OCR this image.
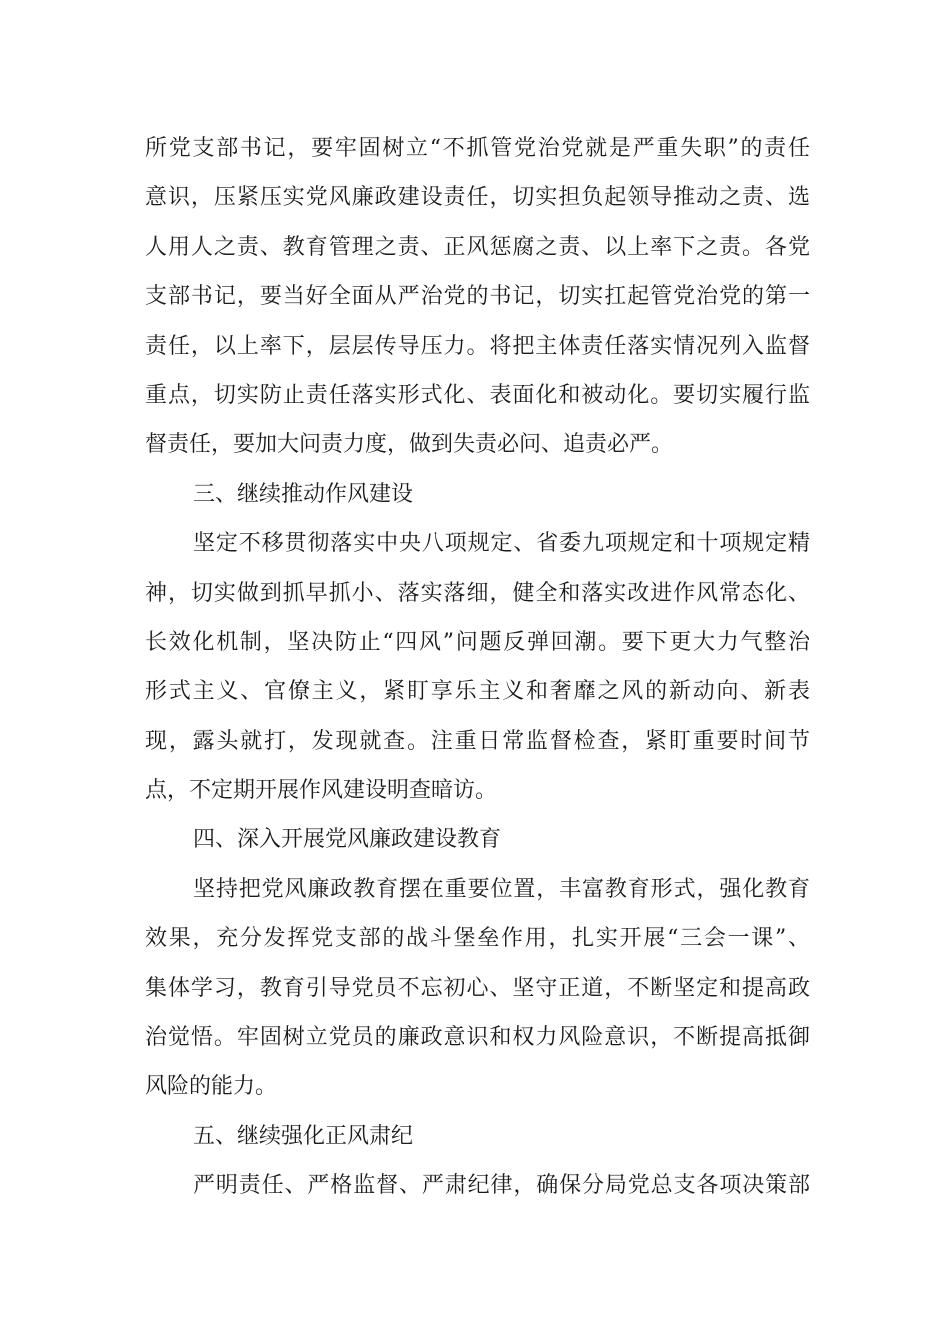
所党支部书记，要牢固树立“不抓管党治党就是严重失职”的责任
意识，压紧压实党风廉政建设责任，切实担负起领导推动之责、选
人用人之责、教育管理之责、正风惩腐之责、以上率下之责。各党
支部书记，要当好全面从严治党的书记，切实扛起管党治党的第一
责任，以上率下，层层传导压力。将把主体责任落实情况列入监督
重点，切实防止责任落实形式化、表面化和被动化。要切实履行监
督责任，要加大问责力度，做到失责必问、追责必严。
三、继续推动作风建设
坚定不移贯彻落实中央八项规定、省委九项规定和十项规定精
神，切实做到抓早抓小、落实落细，健全和落实改进作风常态化、
长效化机制，坚决防止“四风”问题反弹回潮。要下更大力气整治
形式主义、官僚主义，紧盯享乐主义和奢靡之风的新动向、新表
现，露头就打，发现就查。注重日常监督检查，紧盯重要时间节
点，不定期开展作风建设明查暗访。
四、深入开展党风廉政建设教育
坚持把党风廉政教育摆在重要位置，丰富教育形式，强化教育
效果，充分发挥党支部的战斗堡垒作用，扎实开展“三会一课”、
集体学习，教育引导党员不忘初心、坚守正道，不断坚定和提高政
治觉悟。牢固树立党员的廉政意识和权力风险意识，不断提高抵御
风险的能力。
五、继续强化正风肃纪
严明责任、严格监督、严肃纪律，确保分局党总支各项决策部
